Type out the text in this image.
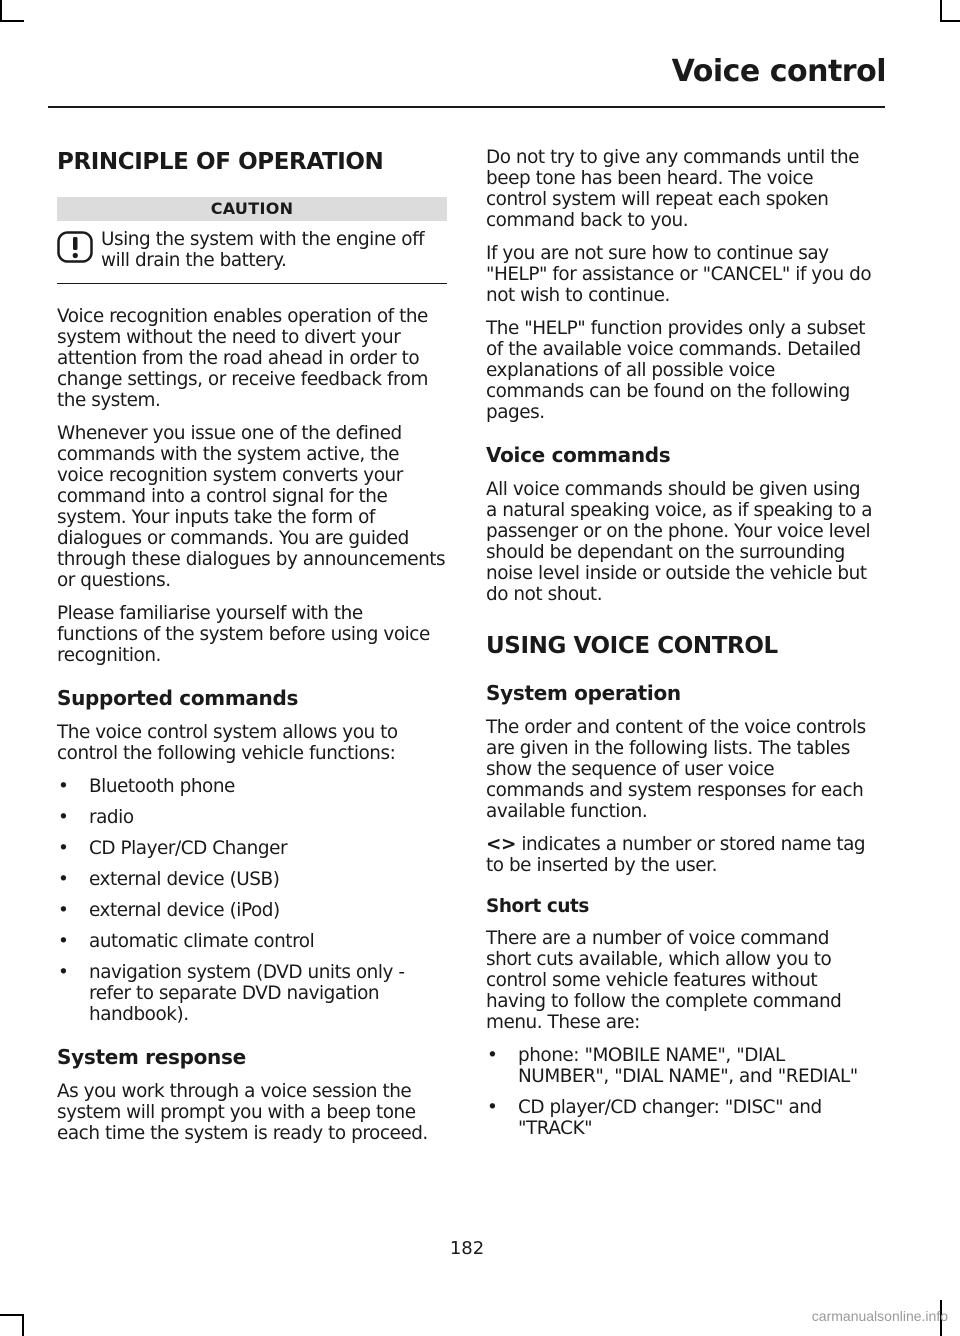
Voice control
PRINCIPLE OF OPERATION
CAUTION

Using the system with the engine off will drain the battery.

Voice recognition enables operation of the system without the need to divert your attention from the road ahead in order to change settings, or receive feedback from the system.

Whenever you issue one of the defined commands with the system active, the voice recognition system converts your command into a control signal for the system. Your inputs take the form of dialogues or commands. You are guided through these dialogues by announcements or questions.

Please familiarise yourself with the functions of the system before using voice recognition.

Supported commands

The voice control system allows you to control the following vehicle functions:

• Bluetooth phone
• radio
• CD Player/CD Changer
• external device (USB)
• external device (iPod)
• automatic climate control
• navigation system (DVD units only - refer to separate DVD navigation handbook).
System response

As you work through a voice session the system will prompt you with a beep tone each time the system is ready to proceed.

Do not try to give any commands until the beep tone has been heard. The voice control system will repeat each spoken command back to you.

If you are not sure how to continue say "HELP" for assistance or "CANCEL" if you do not wish to continue.

The "HELP" function provides only a subset of the available voice commands. Detailed explanations of all possible voice commands can be found on the following pages.

Voice commands

All voice commands should be given using a natural speaking voice, as if speaking to a passenger or on the phone. Your voice level should be dependant on the surrounding noise level inside or outside the vehicle but do not shout.

USING VOICE CONTROL
System operation

The order and content of the voice controls are given in the following lists. The tables show the sequence of user voice commands and system responses for each available function.

<> indicates a number or stored name tag to be inserted by the user.

Short cuts

There are a number of voice command short cuts available, which allow you to control some vehicle features without having to follow the complete command menu. These are:

• phone: "MOBILE NAME", "DIAL NUMBER", "DIAL NAME", and "REDIAL"
• CD player/CD changer: "DISC" and "TRACK"
182
carmanualsonline.info
